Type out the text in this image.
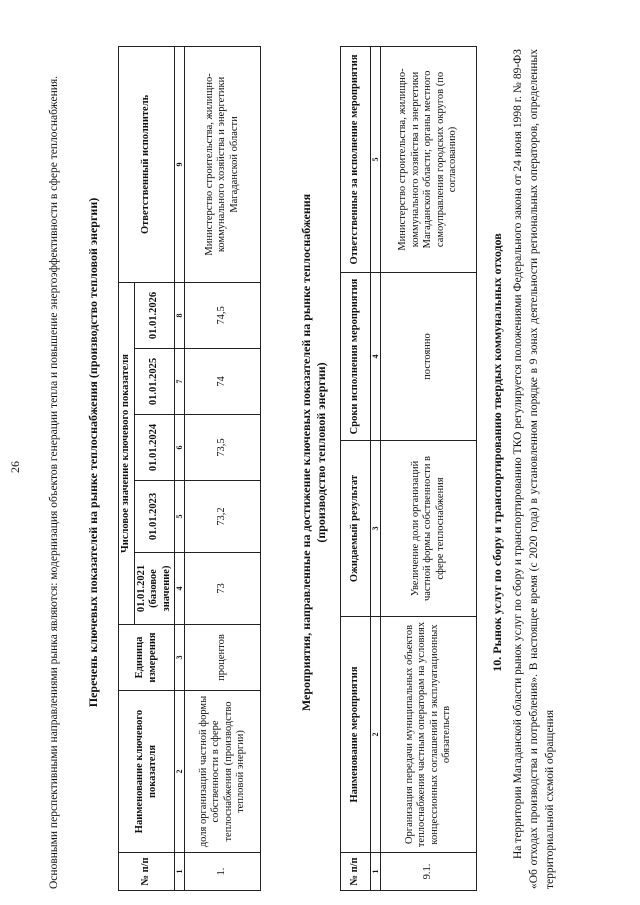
26 Основными перспективными направлениями рынка являются: модернизация объектов генерации тепла и повышение энергоэффективности в сфере теплоснабжения. Перечень ключевых показателей на рынке теплоснабжения (производство тепловой энергии)
№ п/п	Наименование ключевого показателя	Единица измерения	Числовое значение ключевого показателя					Ответственный исполнитель
			01.01.2021 (базовое значение)	01.01.2023	01.01.2024	01.01.2025	01.01.2026	
1	2	3	4	5	6	7	8	9
1.	доля организаций частной формы собственности в сфере теплоснабжения (производство тепловой энергии)	процентов	73	73,2	73,5	74	74,5	Министерство строительства, жилищно-коммунального хозяйства и энергетики Магаданской области
Мероприятия, направленные на достижение ключевых показателей на рынке теплоснабжения (производство тепловой энергии)
№ п/п	Наименование мероприятия	Ожидаемый результат	Сроки исполнения мероприятия	Ответственные за исполнение мероприятия
1	2	3	4	5
9.1.	Организация передачи муниципальных объектов теплоснабжения частным операторам на условиях концессионных соглашений и эксплуатационных обязательств	Увеличение доли организаций частной формы собственности в сфере теплоснабжения	постоянно	Министерство строительства, жилищно-коммунального хозяйства и энергетики Магаданской области; органы местного самоуправления городских округов (по согласованию)
10. Рынок услуг по сбору и транспортированию твердых коммунальных отходов На территории Магаданской области рынок услуг по сбору и транспортированию ТКО регулируется положениями Федерального закона от 24 июня 1998 г. № 89-ФЗ «Об отходах производства и потребления». В настоящее время (с 2020 года) в установленном порядке в 9 зонах деятельности региональных операторов, определенных территориальной схемой обращения
